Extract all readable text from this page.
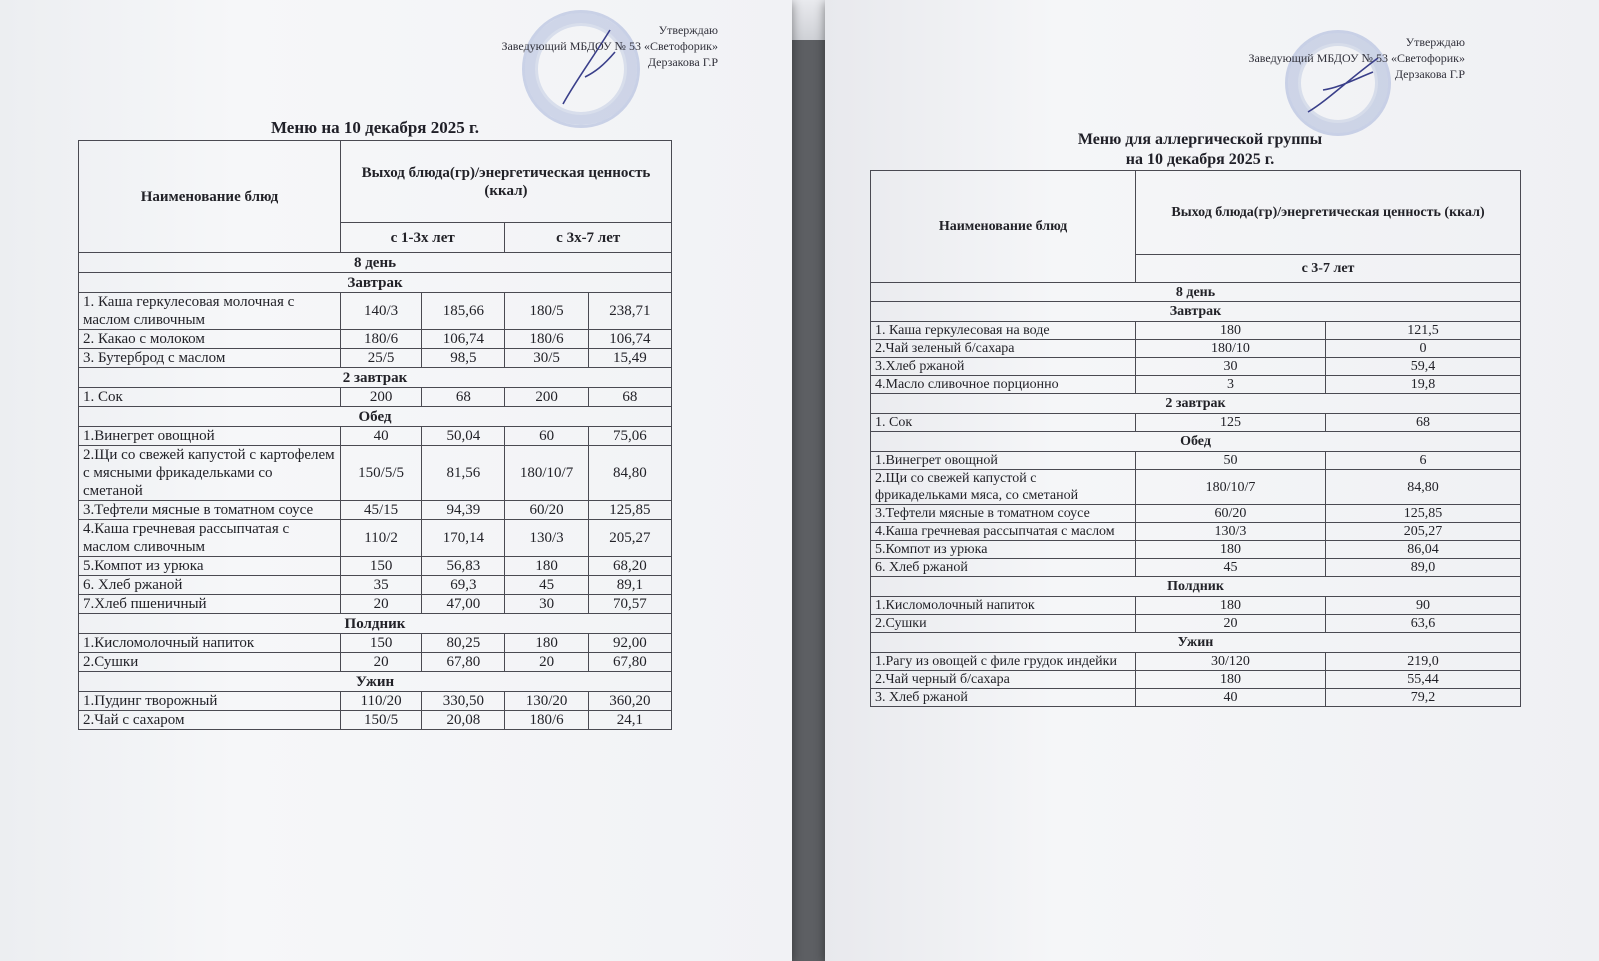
Утверждаю
Заведующий МБДОУ № 53 «Светофорик»
Дерзакова Г.Р
Меню на 10 декабря 2025 г.
Наименование блюд	Выход блюда(гр)/энергетическая ценность (ккал)			
	с 1-3х лет		с 3х-7 лет	
8 день				
Завтрак				
1. Каша геркулесовая молочная с маслом сливочным	140/3	185,66	180/5	238,71
2. Какао с молоком	180/6	106,74	180/6	106,74
3. Бутерброд с маслом	25/5	98,5	30/5	15,49
2 завтрак				
1. Сок	200	68	200	68
Обед				
1.Винегрет овощной	40	50,04	60	75,06
2.Щи со свежей капустой с картофелем с мясными фрикадельками со сметаной	150/5/5	81,56	180/10/7	84,80
3.Тефтели мясные в томатном соусе	45/15	94,39	60/20	125,85
4.Каша гречневая рассыпчатая с маслом сливочным	110/2	170,14	130/3	205,27
5.Компот из урюка	150	56,83	180	68,20
6. Хлеб ржаной	35	69,3	45	89,1
7.Хлеб пшеничный	20	47,00	30	70,57
Полдник				
1.Кисломолочный напиток	150	80,25	180	92,00
2.Сушки	20	67,80	20	67,80
Ужин				
1.Пудинг творожный	110/20	330,50	130/20	360,20
2.Чай с сахаром	150/5	20,08	180/6	24,1
Утверждаю
Заведующий МБДОУ № 53 «Светофорик»
Дерзакова Г.Р
Меню для аллергической группы
на 10 декабря 2025 г.
Наименование блюд	Выход блюда(гр)/энергетическая ценность (ккал)	
	с 3-7 лет	
8 день		
Завтрак		
1. Каша геркулесовая на воде	180	121,5
2.Чай зеленый б/сахара	180/10	0
3.Хлеб ржаной	30	59,4
4.Масло сливочное порционно	3	19,8
2 завтрак		
1. Сок	125	68
Обед		
1.Винегрет овощной	50	6
2.Щи со свежей капустой с фрикадельками мяса, со сметаной	180/10/7	84,80
3.Тефтели мясные в томатном соусе	60/20	125,85
4.Каша гречневая рассыпчатая с маслом	130/3	205,27
5.Компот из урюка	180	86,04
6. Хлеб ржаной	45	89,0
Полдник		
1.Кисломолочный напиток	180	90
2.Сушки	20	63,6
Ужин		
1.Рагу из овощей с филе грудок индейки	30/120	219,0
2.Чай черный б/сахара	180	55,44
3. Хлеб ржаной	40	79,2
